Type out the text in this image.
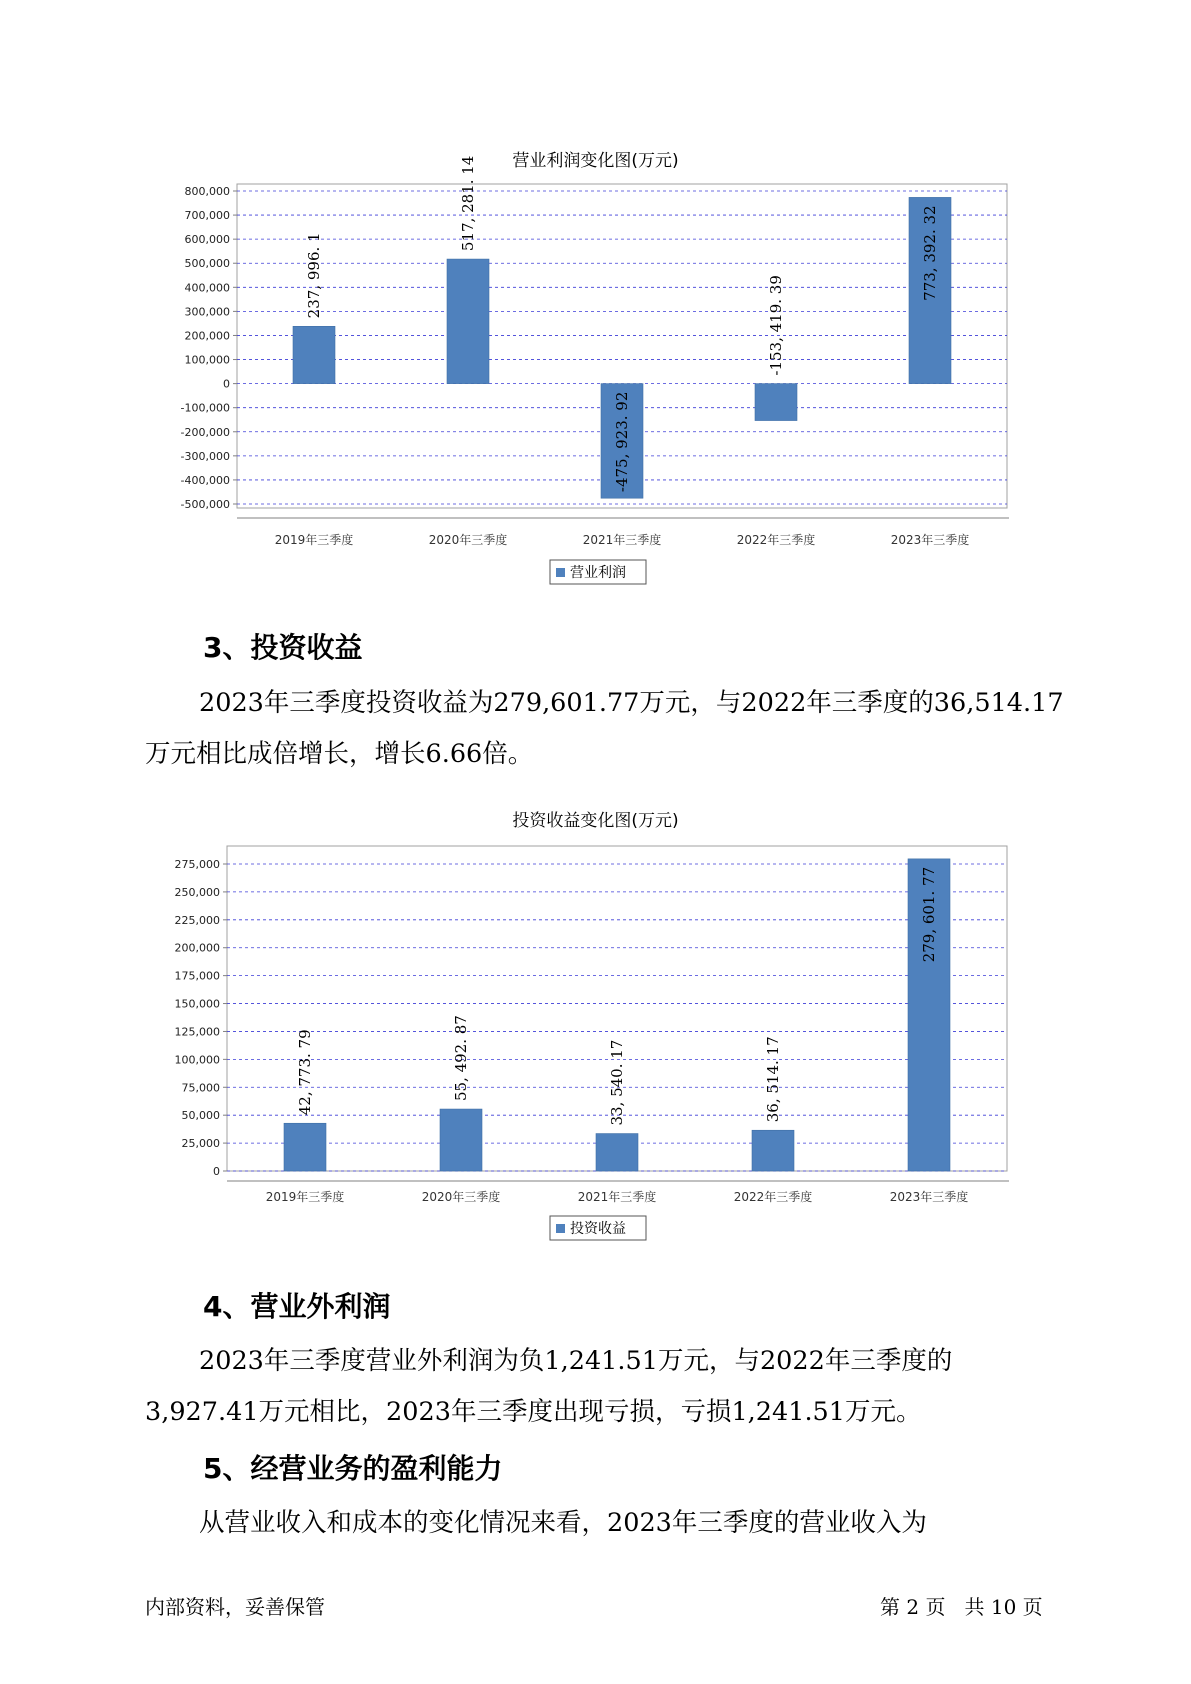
营业利润变化图(万元)
800,000
700,000
600,000
500,000
400,000
300,000
200,000
100,000
0
-100,000
-200,000
-300,000
-400,000
-500,000
237, 996. 1
2019年三季度
517, 281. 14
2020年三季度
-475, 923. 92
2021年三季度
-153, 419. 39
2022年三季度
773, 392. 32
2023年三季度
营业利润
3、投资收益
2023年三季度投资收益为279,601.77万元，与2022年三季度的36,514.17
万元相比成倍增长，增长6.66倍。
投资收益变化图(万元)
275,000
250,000
225,000
200,000
175,000
150,000
125,000
100,000
75,000
50,000
25,000
0
42, 773. 79
2019年三季度
55, 492. 87
2020年三季度
33, 540. 17
2021年三季度
36, 514. 17
2022年三季度
279, 601. 77
2023年三季度
投资收益
4、营业外利润
2023年三季度营业外利润为负1,241.51万元，与2022年三季度的
3,927.41万元相比，2023年三季度出现亏损，亏损1,241.51万元。
5、经营业务的盈利能力
从营业收入和成本的变化情况来看，2023年三季度的营业收入为
内部资料，妥善保管	第 2 页   共 10 页
